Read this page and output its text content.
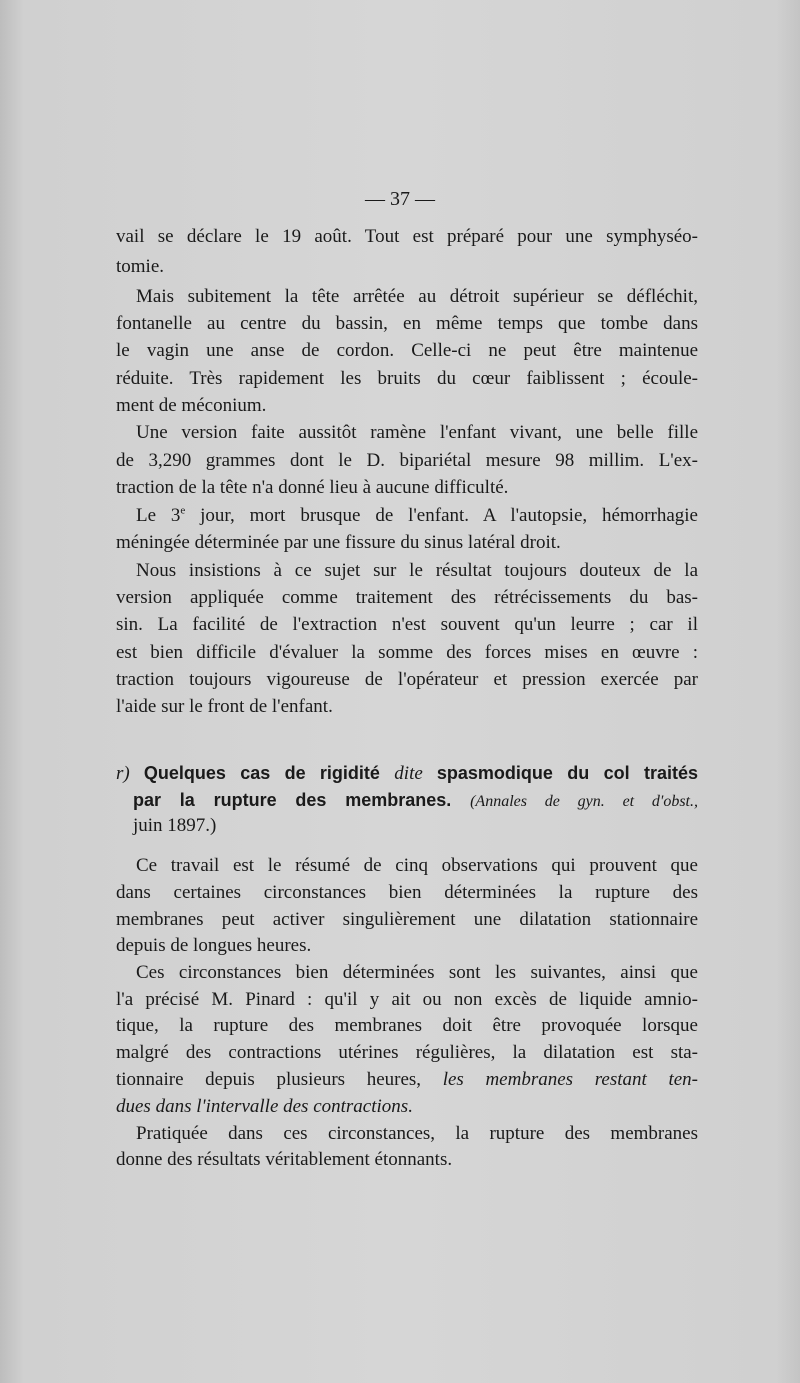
— 37 —
vail se déclare le 19 août. Tout est préparé pour une symphyséo-
tomie.
Mais subitement la tête arrêtée au détroit supérieur se défléchit,
fontanelle au centre du bassin, en même temps que tombe dans
le vagin une anse de cordon. Celle-ci ne peut être maintenue
réduite. Très rapidement les bruits du cœur faiblissent ; écoule-
ment de méconium.
Une version faite aussitôt ramène l'enfant vivant, une belle fille
de 3,290 grammes dont le D. bipariétal mesure 98 millim. L'ex-
traction de la tête n'a donné lieu à aucune difficulté.
Le 3e jour, mort brusque de l'enfant. A l'autopsie, hémorrhagie
méningée déterminée par une fissure du sinus latéral droit.
Nous insistions à ce sujet sur le résultat toujours douteux de la
version appliquée comme traitement des rétrécissements du bas-
sin. La facilité de l'extraction n'est souvent qu'un leurre ; car il
est bien difficile d'évaluer la somme des forces mises en œuvre :
traction toujours vigoureuse de l'opérateur et pression exercée par
l'aide sur le front de l'enfant.
r) Quelques cas de rigidité dite spasmodique du col traités
par la rupture des membranes. (Annales de gyn. et d'obst.,
juin 1897.)
Ce travail est le résumé de cinq observations qui prouvent que
dans certaines circonstances bien déterminées la rupture des
membranes peut activer singulièrement une dilatation stationnaire
depuis de longues heures.
Ces circonstances bien déterminées sont les suivantes, ainsi que
l'a précisé M. Pinard : qu'il y ait ou non excès de liquide amnio-
tique, la rupture des membranes doit être provoquée lorsque
malgré des contractions utérines régulières, la dilatation est sta-
tionnaire depuis plusieurs heures, les membranes restant ten-
dues dans l'intervalle des contractions.
Pratiquée dans ces circonstances, la rupture des membranes
donne des résultats véritablement étonnants.
